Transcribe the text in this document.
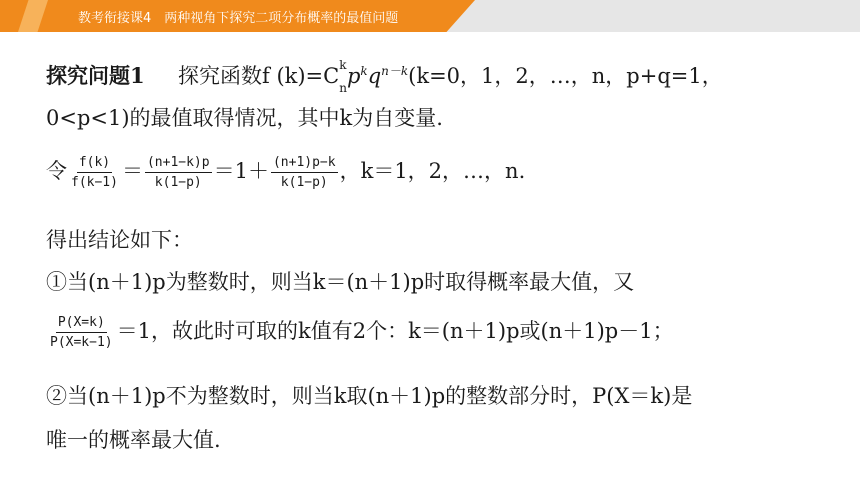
教考衔接课4　两种视角下探究二项分布概率的最值问题
探究问题1 探究函数f (k)=C k
$_np^kq^{n-k}(k=0$，1，2，…，n，p+q=1，
0<p<1)的最值取得情况，其中k为自变量.
令 $\frac{f(k)}{f(k-1)} = \frac{(n+1-k)p}{k(1-p)} =1+ \frac{(n+1)p-k}{k(1-p)}$ ，k＝1，2，…，n.
得出结论如下：
①当(n＋1)p为整数时，则当k＝(n＋1)p时取得概率最大值，又
$\frac{P(X=k)}{P(X=k-1)} =1$，故此时可取的k值有2个：k＝(n＋1)p或(n＋1)p－1；
②当(n＋1)p不为整数时，则当k取(n＋1)p的整数部分时，P(X＝k)是
唯一的概率最大值.
